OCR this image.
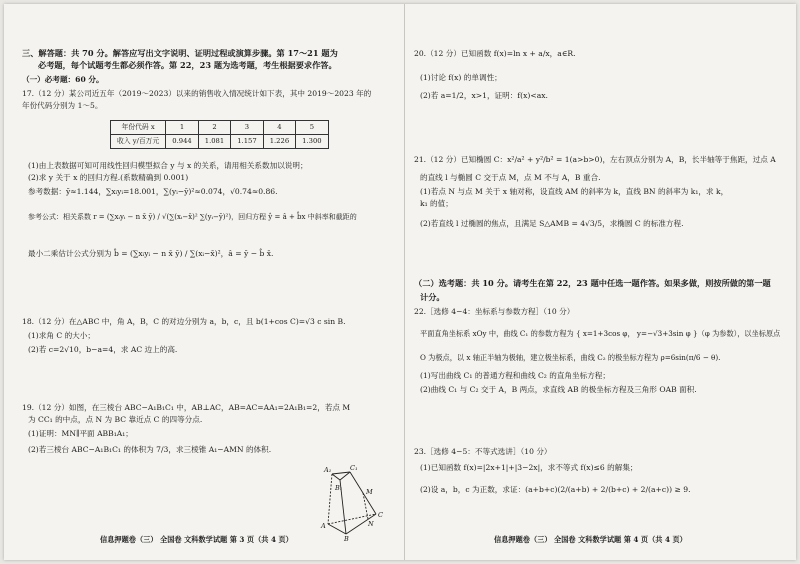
三、解答题：共 70 分。解答应写出文字说明、证明过程或演算步骤。第 17～21 题为
必考题，每个试题考生都必须作答。第 22，23 题为选考题，考生根据要求作答。
（一）必考题：60 分。
17.（12 分）某公司近五年（2019～2023）以来的销售收入情况统计如下表，其中 2019～2023 年的
年份代码分别为 1～5。
年份代码 x	1	2	3	4	5
收入 y/百万元	0.944	1.081	1.157	1.226	1.300
(1)由上表数据可知可用线性回归模型拟合 y 与 x 的关系，请用相关系数加以说明；
(2)求 y 关于 x 的回归方程.(系数精确到 0.001)
参考数据：ȳ≈1.144，∑xᵢyᵢ=18.001，∑(yᵢ−ȳ)²≈0.074，√0.74≈0.86.
参考公式：相关系数 r = (∑xᵢyᵢ − n x̄ ȳ) / √(∑(xᵢ−x̄)² ∑(yᵢ−ȳ)²)，回归方程 ŷ = â + b̂x 中斜率和截距的
最小二乘估计公式分别为 b̂ = (∑xᵢyᵢ − n x̄ ȳ) / ∑(xᵢ−x̄)²，â = ȳ − b̂ x̄.
18.（12 分）在△ABC 中，角 A，B，C 的对边分别为 a，b，c，且 b(1+cos C)=√3 c sin B.
(1)求角 C 的大小；
(2)若 c=2√10，b−a=4，求 AC 边上的高.
19.（12 分）如图，在三棱台 ABC−A₁B₁C₁ 中，AB⊥AC，AB=AC=AA₁=2A₁B₁=2，若点 M
为 CC₁ 的中点，点 N 为 BC 靠近点 C 的四等分点.
(1)证明：MN∥平面 ABB₁A₁；
(2)若三棱台 ABC−A₁B₁C₁ 的体积为 7/3，求三棱锥 A₁−AMN 的体积.
A₁
B₁
C₁
M
A
B
N
C
信息押题卷（三） 全国卷 文科数学试题 第 3 页（共 4 页）
20.（12 分）已知函数 f(x)=ln x + a/x，a∈R.
(1)讨论 f(x) 的单调性；
(2)若 a=1/2，x>1，证明：f(x)<ax.
21.（12 分）已知椭圆 C：x²/a² + y²/b² = 1(a>b>0)，左右顶点分别为 A，B，长半轴等于焦距，过点 A
的直线 l 与椭圆 C 交于点 M，点 M 不与 A，B 重合.
(1)若点 N 与点 M 关于 x 轴对称，设直线 AM 的斜率为 k，直线 BN 的斜率为 k₁，求 k，
k₁ 的值；
(2)若直线 l 过椭圆的焦点，且满足 S△AMB = 4√3/5，求椭圆 C 的标准方程.
（二）选考题：共 10 分。请考生在第 22，23 题中任选一题作答。如果多做，则按所做的第一题
计分。
22.［选修 4−4：坐标系与参数方程］（10 分）
平面直角坐标系 xOy 中，曲线 C₁ 的参数方程为 { x=1+3cos φ， y=−√3+3sin φ }（φ 为参数），以坐标原点
O 为极点，以 x 轴正半轴为极轴，建立极坐标系，曲线 C₂ 的极坐标方程为 ρ=6sin(π/6 − θ).
(1)写出曲线 C₁ 的普通方程和曲线 C₂ 的直角坐标方程；
(2)曲线 C₁ 与 C₂ 交于 A，B 两点，求直线 AB 的极坐标方程及三角形 OAB 面积.
23.［选修 4−5：不等式选讲］（10 分）
(1)已知函数 f(x)=|2x+1|+|3−2x|，求不等式 f(x)≤6 的解集；
(2)设 a，b，c 为正数，求证：(a+b+c)(2/(a+b) + 2/(b+c) + 2/(a+c)) ≥ 9.
信息押题卷（三） 全国卷 文科数学试题 第 4 页（共 4 页）
